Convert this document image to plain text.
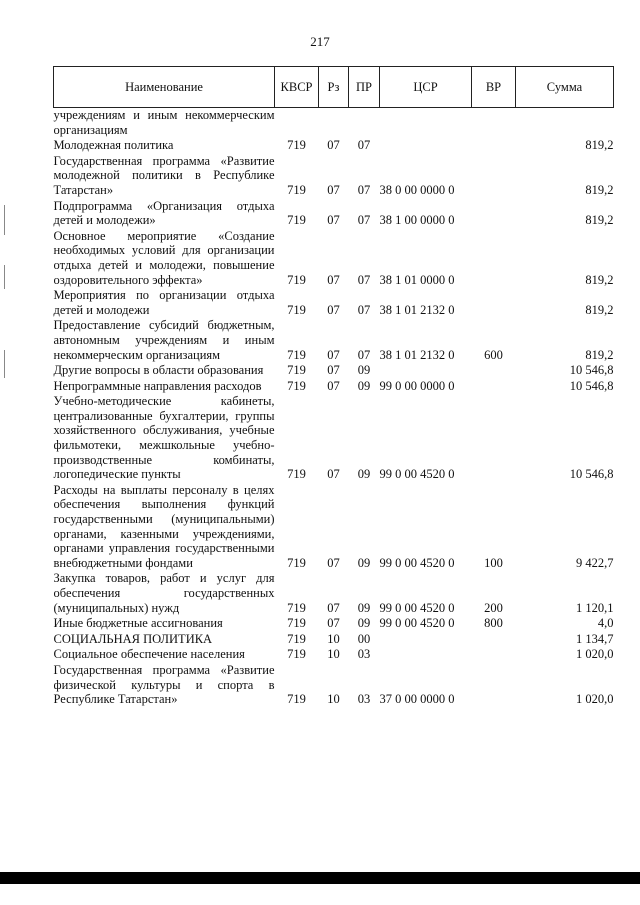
217
Наименование	КВСР	Рз	ПР	ЦСР	ВР	Сумма
учреждениям и иным некоммерческим организациям						
Молодежная политика	719	07	07			819,2
Государственная программа «Развитие молодежной политики в Республике Татарстан»	719	07	07	38 0 00 0000 0		819,2
Подпрограмма «Организация отдыха детей и молодежи»	719	07	07	38 1 00 0000 0		819,2
Основное мероприятие «Создание необходимых условий для организации отдыха детей и молодежи, повышение оздоровительного эффекта»	719	07	07	38 1 01 0000 0		819,2
Мероприятия по организации отдыха детей и молодежи	719	07	07	38 1 01 2132 0		819,2
Предоставление субсидий бюджетным, автономным учреждениям и иным некоммерческим организациям	719	07	07	38 1 01 2132 0	600	819,2
Другие вопросы в области образования	719	07	09			10 546,8
Непрограммные направления расходов	719	07	09	99 0 00 0000 0		10 546,8
Учебно-методические кабинеты, централизованные бухгалтерии, группы хозяйственного обслуживания, учебные фильмотеки, межшкольные учебно-производственные комбинаты, логопедические пункты	719	07	09	99 0 00 4520 0		10 546,8
Расходы на выплаты персоналу в целях обеспечения выполнения функций государственными (муниципальными) органами, казенными учреждениями, органами управления государственными внебюджетными фондами	719	07	09	99 0 00 4520 0	100	9 422,7
Закупка товаров, работ и услуг для обеспечения государственных (муниципальных) нужд	719	07	09	99 0 00 4520 0	200	1 120,1
Иные бюджетные ассигнования	719	07	09	99 0 00 4520 0	800	4,0
СОЦИАЛЬНАЯ ПОЛИТИКА	719	10	00			1 134,7
Социальное обеспечение населения	719	10	03			1 020,0
Государственная программа «Развитие физической культуры и спорта в Республике Татарстан»	719	10	03	37 0 00 0000 0		1 020,0
